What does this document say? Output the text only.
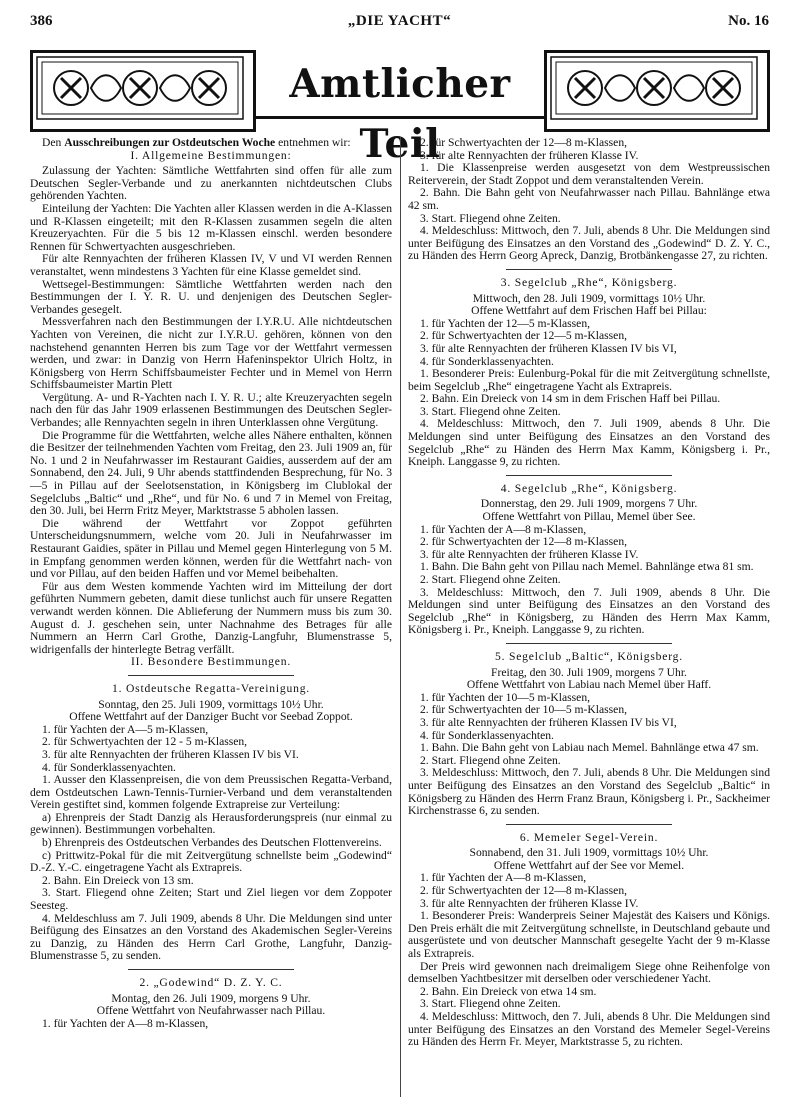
386	„DIE YACHT“	No. 16
Amtlicher Teil

Den Ausschreibungen zur Ostdeutschen Woche entnehmen wir:

I. Allgemeine Bestimmungen:

Zulassung der Yachten: Sämtliche Wettfahrten sind offen für alle zum Deutschen Segler-Verbande und zu anerkannten nichtdeutschen Clubs gehörenden Yachten.

Einteilung der Yachten: Die Yachten aller Klassen werden in die A-Klassen und R-Klassen eingeteilt; mit den R-Klassen zusammen segeln die alten Kreuzeryachten. Für die 5 bis 12 m-Klassen einschl. werden besondere Rennen für Schwertyachten ausgeschrieben.

Für alte Rennyachten der früheren Klassen IV, V und VI werden Rennen veranstaltet, wenn mindestens 3 Yachten für eine Klasse gemeldet sind.

Wettsegel-Bestimmungen: Sämtliche Wettfahrten werden nach den Bestimmungen der I. Y. R. U. und denjenigen des Deutschen Segler-Verbandes gesegelt.

Messverfahren nach den Bestimmungen der I.Y.R.U. Alle nichtdeutschen Yachten von Vereinen, die nicht zur I.Y.R.U. gehören, können von den nachstehend genannten Herren bis zum Tage vor der Wettfahrt vermessen werden, und zwar: in Danzig von Herrn Hafeninspektor Ulrich Holtz, in Königsberg von Herrn Schiffsbaumeister Fechter und in Memel von Herrn Schiffsbaumeister Martin Plett

Vergütung. A- und R-Yachten nach I. Y. R. U.; alte Kreuzeryachten segeln nach den für das Jahr 1909 erlassenen Bestimmungen des Deutschen Segler-Verbandes; alle Rennyachten segeln in ihren Unterklassen ohne Vergütung.

Die Programme für die Wettfahrten, welche alles Nähere enthalten, können die Besitzer der teilnehmenden Yachten vom Freitag, den 23. Juli 1909 an, für No. 1 und 2 in Neufahrwasser im Restaurant Gaidies, ausserdem auf der am Sonnabend, den 24. Juli, 9 Uhr abends stattfindenden Besprechung, für No. 3—5 in Pillau auf der Seelotsenstation, in Königsberg im Clublokal der Segelclubs „Baltic“ und „Rhe“, und für No. 6 und 7 in Memel von Freitag, den 30. Juli, bei Herrn Fritz Meyer, Marktstrasse 5 abholen lassen.

Die während der Wettfahrt vor Zoppot geführten Unterscheidungsnummern, welche vom 20. Juli in Neufahrwasser im Restaurant Gaidies, später in Pillau und Memel gegen Hinterlegung von 5 M. in Empfang genommen werden können, werden für die Wettfahrt nach- von und vor Pillau, auf den beiden Haffen und vor Memel beibehalten.

Für aus dem Westen kommende Yachten wird im Mitteilung der dort geführten Nummern gebeten, damit diese tunlichst auch für unsere Regatten verwandt werden können. Die Ablieferung der Nummern muss bis zum 30. August d. J. geschehen sein, unter Nachnahme des Betrages für alle Nummern an Herrn Carl Grothe, Danzig-Langfuhr, Blumenstrasse 5, widrigenfalls der hinterlegte Betrag verfällt.

II. Besondere Bestimmungen.

1. Ostdeutsche Regatta-Vereinigung.

Sonntag, den 25. Juli 1909, vormittags 10½ Uhr.

Offene Wettfahrt auf der Danziger Bucht vor Seebad Zoppot.

1. für Yachten der A—5 m-Klassen,

2. für Schwertyachten der 12 - 5 m-Klassen,

3. für alte Rennyachten der früheren Klassen IV bis VI.

4. für Sonderklassenyachten.

1. Ausser den Klassenpreisen, die von dem Preussischen Regatta-Verband, dem Ostdeutschen Lawn-Tennis-Turnier-Verband und dem veranstaltenden Verein gestiftet sind, kommen folgende Extrapreise zur Verteilung:

a) Ehrenpreis der Stadt Danzig als Herausforderungspreis (nur einmal zu gewinnen). Bestimmungen vorbehalten.

b) Ehrenpreis des Ostdeutschen Verbandes des Deutschen Flottenvereins.

c) Prittwitz-Pokal für die mit Zeitvergütung schnellste beim „Godewind“ D.-Z. Y.-C. eingetragene Yacht als Extrapreis.

2. Bahn. Ein Dreieck von 13 sm.

3. Start. Fliegend ohne Zeiten; Start und Ziel liegen vor dem Zoppoter Seesteg.

4. Meldeschluss am 7. Juli 1909, abends 8 Uhr. Die Meldungen sind unter Beifügung des Einsatzes an den Vorstand des Akademischen Segler-Vereins zu Danzig, zu Händen des Herrn Carl Grothe, Langfuhr, Danzig-Blumenstrasse 5, zu senden.

2. „Godewind“ D. Z. Y. C.

Montag, den 26. Juli 1909, morgens 9 Uhr.

Offene Wettfahrt von Neufahrwasser nach Pillau.

1. für Yachten der A—8 m-Klassen,

2. für Schwertyachten der 12—8 m-Klassen,

3. für alte Rennyachten der früheren Klasse IV.

1. Die Klassenpreise werden ausgesetzt von dem Westpreussischen Reiterverein, der Stadt Zoppot und dem veranstaltenden Verein.

2. Bahn. Die Bahn geht von Neufahrwasser nach Pillau. Bahnlänge etwa 42 sm.

3. Start. Fliegend ohne Zeiten.

4. Meldeschluss: Mittwoch, den 7. Juli, abends 8 Uhr. Die Meldungen sind unter Beifügung des Einsatzes an den Vorstand des „Godewind“ D. Z. Y. C., zu Händen des Herrn Georg Apreck, Danzig, Brotbänkengasse 27, zu richten.

3. Segelclub „Rhe“, Königsberg.

Mittwoch, den 28. Juli 1909, vormittags 10½ Uhr.

Offene Wettfahrt auf dem Frischen Haff bei Pillau:

1. für Yachten der 12—5 m-Klassen,

2. für Schwertyachten der 12—5 m-Klassen,

3. für alte Rennyachten der früheren Klassen IV bis VI,

4. für Sonderklassenyachten.

1. Besonderer Preis: Eulenburg-Pokal für die mit Zeitvergütung schnellste, beim Segelclub „Rhe“ eingetragene Yacht als Extrapreis.

2. Bahn. Ein Dreieck von 14 sm in dem Frischen Haff bei Pillau.

3. Start. Fliegend ohne Zeiten.

4. Meldeschluss: Mittwoch, den 7. Juli 1909, abends 8 Uhr. Die Meldungen sind unter Beifügung des Einsatzes an den Vorstand des Segelclub „Rhe“ zu Händen des Herrn Max Kamm, Königsberg i. Pr., Kneiph. Langgasse 9, zu richten.

4. Segelclub „Rhe“, Königsberg.

Donnerstag, den 29. Juli 1909, morgens 7 Uhr.

Offene Wettfahrt von Pillau, Memel über See.

1. für Yachten der A—8 m-Klassen,

2. für Schwertyachten der 12—8 m-Klassen,

3. für alte Rennyachten der früheren Klasse IV.

1. Bahn. Die Bahn geht von Pillau nach Memel. Bahnlänge etwa 81 sm.

2. Start. Fliegend ohne Zeiten.

3. Meldeschluss: Mittwoch, den 7. Juli 1909, abends 8 Uhr. Die Meldungen sind unter Beifügung des Einsatzes an den Vorstand des Segelclub „Rhe“ in Königsberg, zu Händen des Herrn Max Kamm, Königsberg i. Pr., Kneiph. Langgasse 9, zu richten.

5. Segelclub „Baltic“, Königsberg.

Freitag, den 30. Juli 1909, morgens 7 Uhr.

Offene Wettfahrt von Labiau nach Memel über Haff.

1. für Yachten der 10—5 m-Klassen,

2. für Schwertyachten der 10—5 m-Klassen,

3. für alte Rennyachten der früheren Klassen IV bis VI,

4. für Sonderklassenyachten.

1. Bahn. Die Bahn geht von Labiau nach Memel. Bahnlänge etwa 47 sm.

2. Start. Fliegend ohne Zeiten.

3. Meldeschluss: Mittwoch, den 7. Juli, abends 8 Uhr. Die Meldungen sind unter Beifügung des Einsatzes an den Vorstand des Segelclub „Baltic“ in Königsberg zu Händen des Herrn Franz Braun, Königsberg i. Pr., Sackheimer Kirchenstrasse 6, zu senden.

6. Memeler Segel-Verein.

Sonnabend, den 31. Juli 1909, vormittags 10½ Uhr.

Offene Wettfahrt auf der See vor Memel.

1. für Yachten der A—8 m-Klassen,

2. für Schwertyachten der 12—8 m-Klassen,

3. für alte Rennyachten der früheren Klasse IV.

1. Besonderer Preis: Wanderpreis Seiner Majestät des Kaisers und Königs. Den Preis erhält die mit Zeitvergütung schnellste, in Deutschland gebaute und ausgerüstete und von deutscher Mannschaft gesegelte Yacht der 9 m-Klasse als Extrapreis.

Der Preis wird gewonnen nach dreimaligem Siege ohne Reihenfolge von demselben Yachtbesitzer mit derselben oder verschiedener Yacht.

2. Bahn. Ein Dreieck von etwa 14 sm.

3. Start. Fliegend ohne Zeiten.

4. Meldeschluss: Mittwoch, den 7. Juli, abends 8 Uhr. Die Meldungen sind unter Beifügung des Einsatzes an den Vorstand des Memeler Segel-Vereins zu Händen des Herrn Fr. Meyer, Marktstrasse 5, zu richten.
